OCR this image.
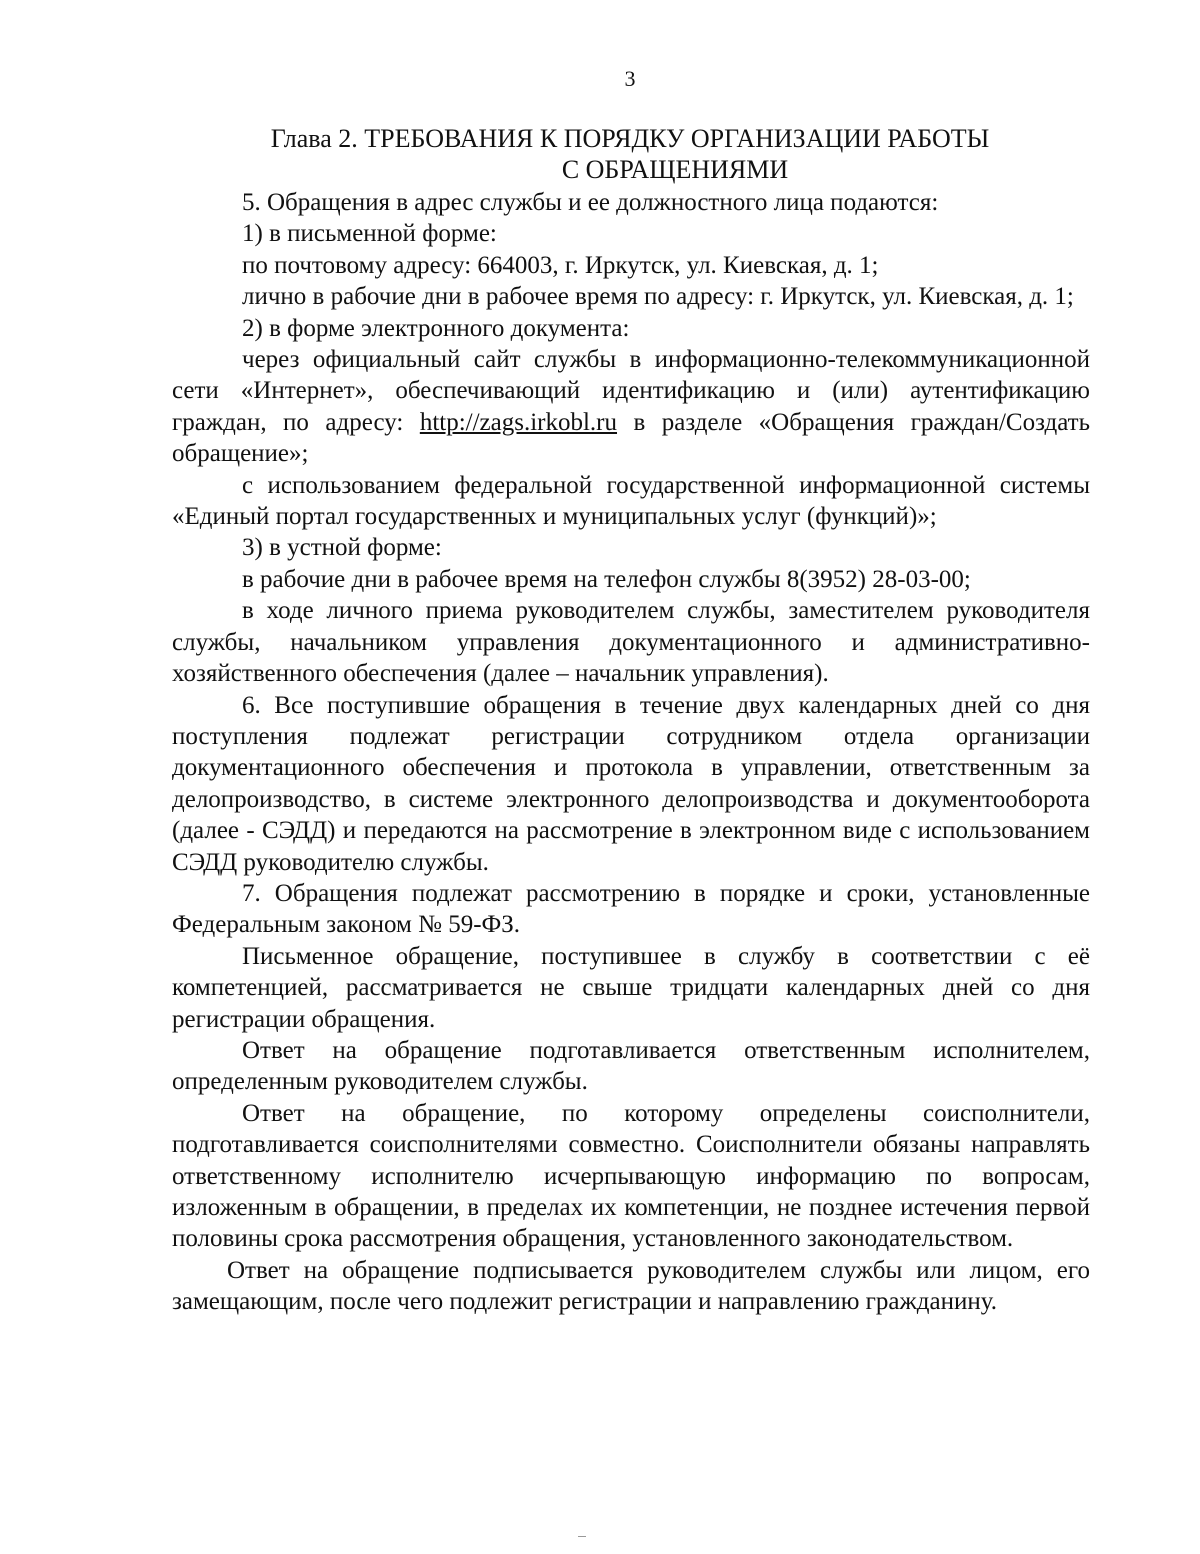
3
Глава 2. ТРЕБОВАНИЯ К ПОРЯДКУ ОРГАНИЗАЦИИ РАБОТЫ
С ОБРАЩЕНИЯМИ

5. Обращения в адрес службы и ее должностного лица подаются:

1) в письменной форме:

по почтовому адресу: 664003, г. Иркутск, ул. Киевская, д. 1;

лично в рабочие дни в рабочее время по адресу: г. Иркутск, ул. Киевская, д. 1;

2) в форме электронного документа:

через официальный сайт службы в информационно-телекоммуникационной сети «Интернет», обеспечивающий идентификацию и (или) аутентификацию граждан, по адресу: http://zags.irkobl.ru в разделе «Обращения граждан/Создать обращение»;

с использованием федеральной государственной информационной системы «Единый портал государственных и муниципальных услуг (функций)»;

3) в устной форме:

в рабочие дни в рабочее время на телефон службы 8(3952) 28-03-00;

в ходе личного приема руководителем службы, заместителем руководителя службы, начальником управления документационного и административно-хозяйственного обеспечения (далее – начальник управления).

6. Все поступившие обращения в течение двух календарных дней со дня поступления подлежат регистрации сотрудником отдела организации документационного обеспечения и протокола в управлении, ответственным за делопроизводство, в системе электронного делопроизводства и документооборота (далее - СЭДД) и передаются на рассмотрение в электронном виде с использованием СЭДД руководителю службы.

7. Обращения подлежат рассмотрению в порядке и сроки, установленные Федеральным законом № 59-ФЗ.

Письменное обращение, поступившее в службу в соответствии с её компетенцией, рассматривается не свыше тридцати календарных дней со дня регистрации обращения.

Ответ на обращение подготавливается ответственным исполнителем, определенным руководителем службы.

Ответ на обращение, по которому определены соисполнители, подготавливается соисполнителями совместно. Соисполнители обязаны направлять ответственному исполнителю исчерпывающую информацию по вопросам, изложенным в обращении, в пределах их компетенции, не позднее истечения первой половины срока рассмотрения обращения, установленного законодательством.

Ответ на обращение подписывается руководителем службы или лицом, его замещающим, после чего подлежит регистрации и направлению гражданину.
